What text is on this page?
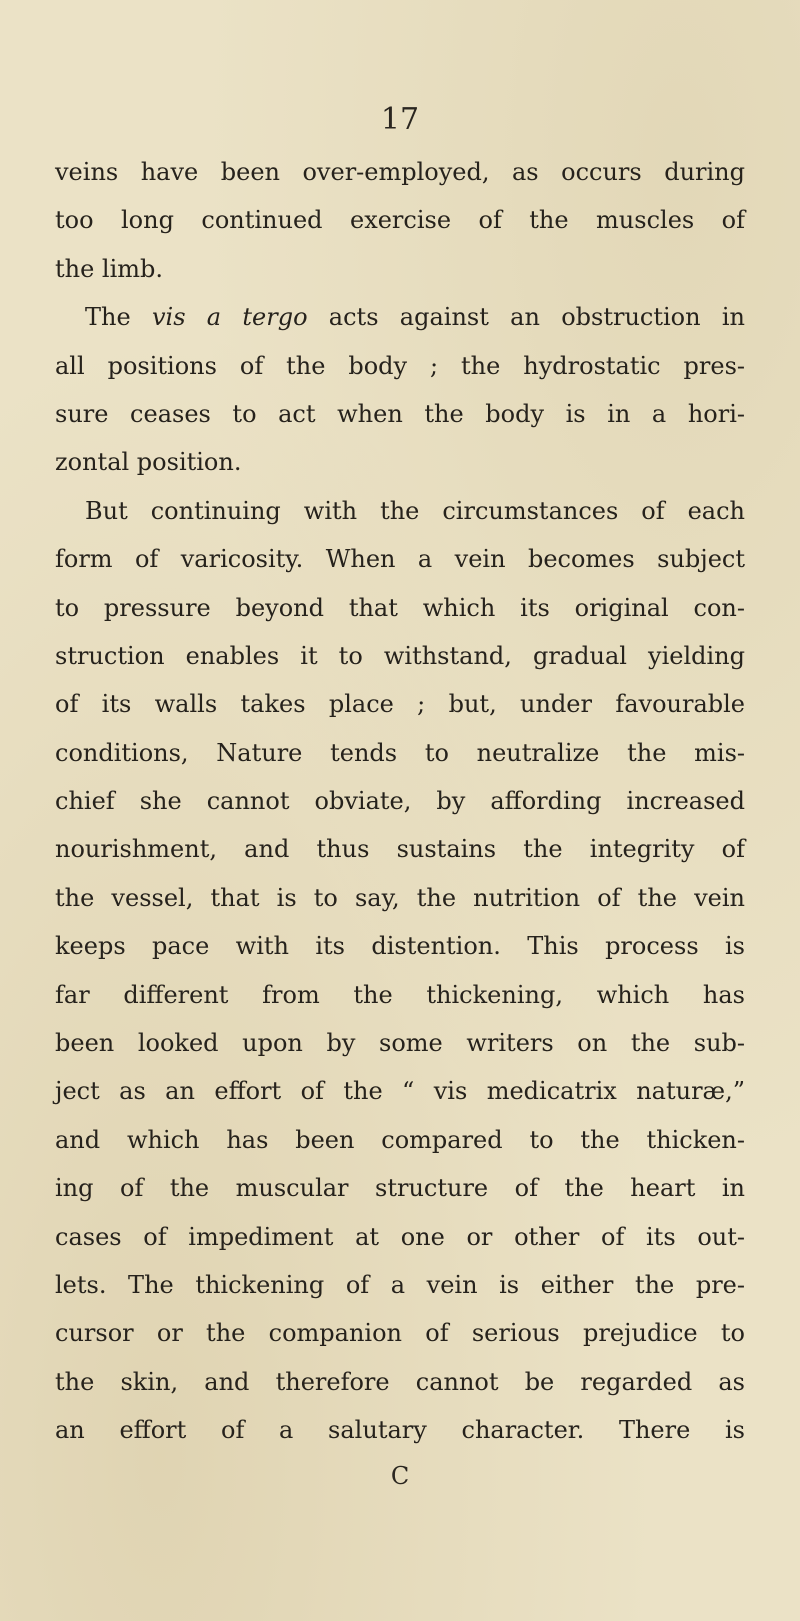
17
veins have been over-employed, as occurs during
too long continued exercise of the muscles of
the limb.
The vis a tergo acts against an obstruction in
all positions of the body ; the hydrostatic pres-
sure ceases to act when the body is in a hori-
zontal position.
But continuing with the circumstances of each
form of varicosity. When a vein becomes subject
to pressure beyond that which its original con-
struction enables it to withstand, gradual yielding
of its walls takes place ; but, under favourable
conditions, Nature tends to neutralize the mis-
chief she cannot obviate, by affording increased
nourishment, and thus sustains the integrity of
the vessel, that is to say, the nutrition of the vein
keeps pace with its distention. This process is
far different from the thickening, which has
been looked upon by some writers on the sub-
ject as an effort of the “ vis medicatrix naturæ,”
and which has been compared to the thicken-
ing of the muscular structure of the heart in
cases of impediment at one or other of its out-
lets. The thickening of a vein is either the pre-
cursor or the companion of serious prejudice to
the skin, and therefore cannot be regarded as
an effort of a salutary character. There is
C
